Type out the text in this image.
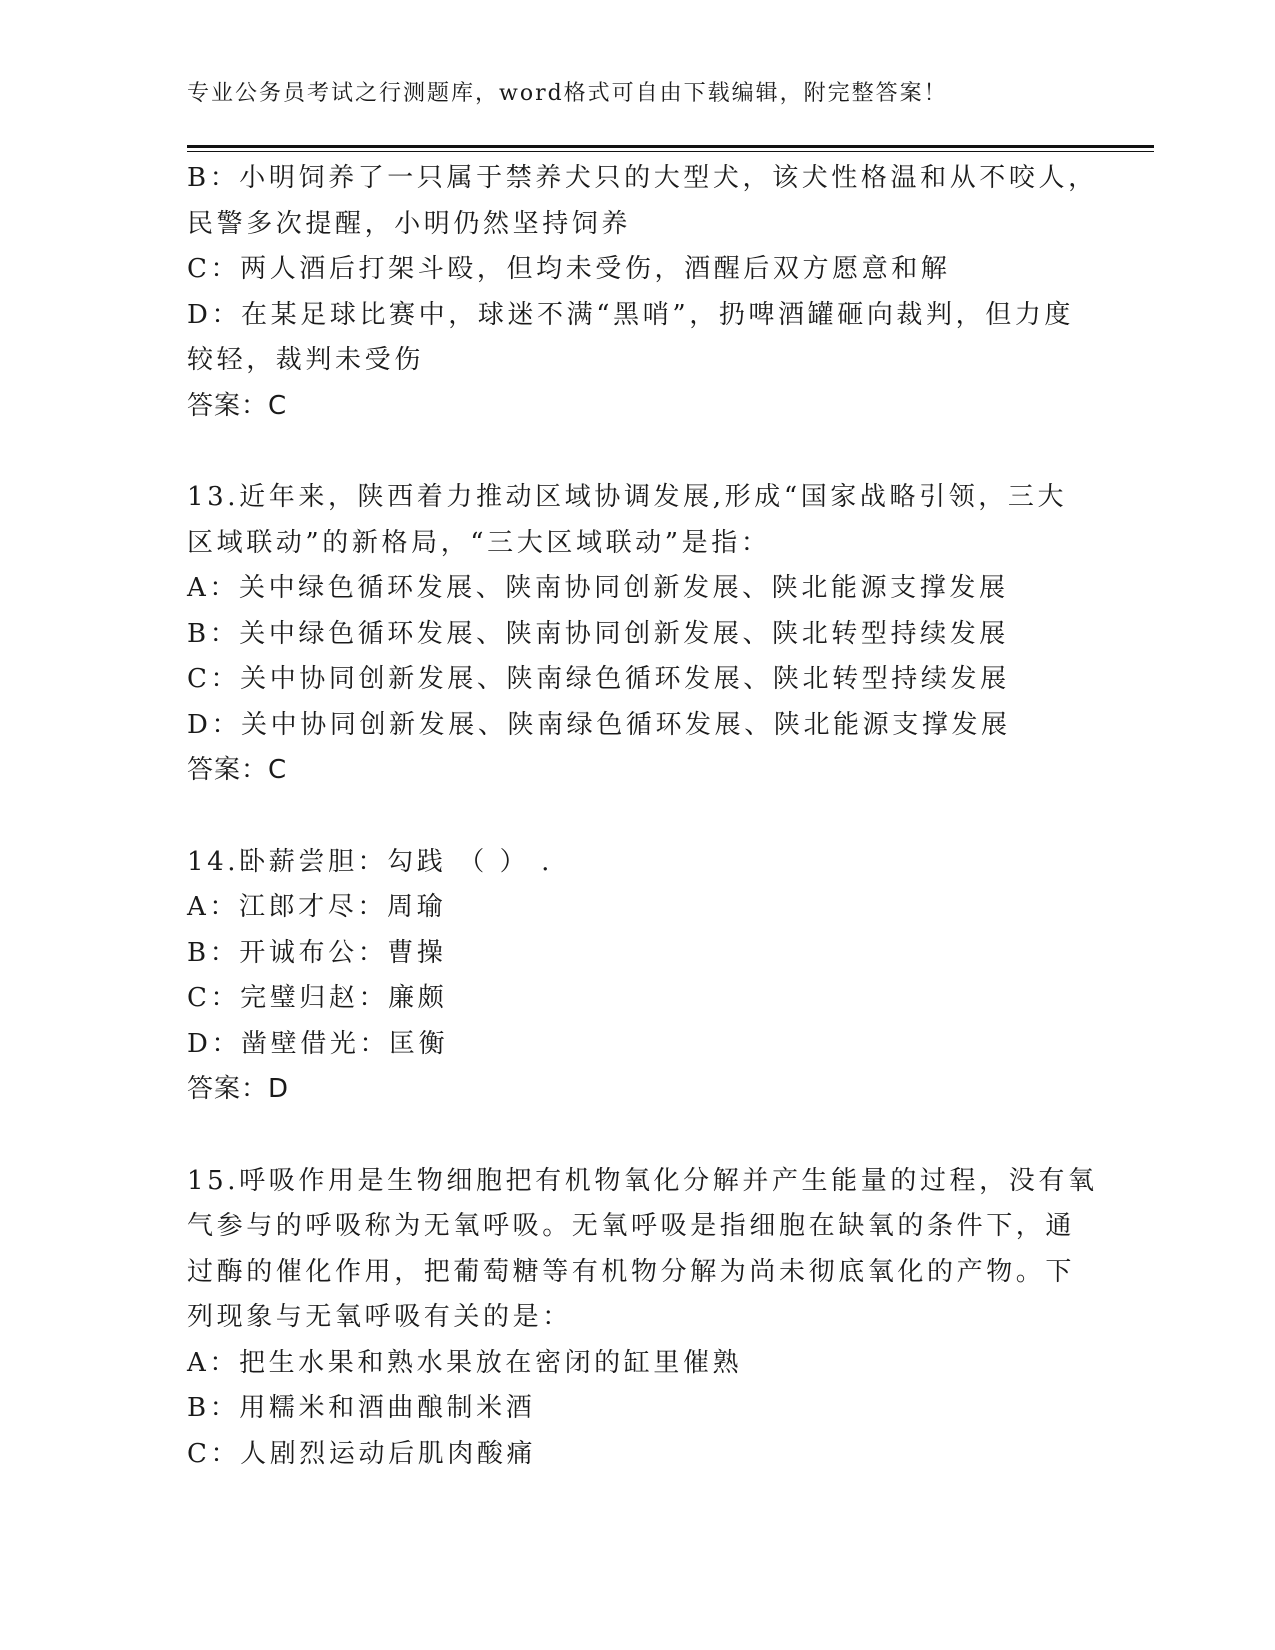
专业公务员考试之行测题库，word格式可自由下载编辑，附完整答案！
B：小明饲养了一只属于禁养犬只的大型犬，该犬性格温和从不咬人，
民警多次提醒，小明仍然坚持饲养
C：两人酒后打架斗殴，但均未受伤，酒醒后双方愿意和解
D：在某足球比赛中，球迷不满“黑哨”，扔啤酒罐砸向裁判，但力度
较轻，裁判未受伤
答案：C
13.近年来，陕西着力推动区域协调发展,形成“国家战略引领，三大
区域联动”的新格局，“三大区域联动”是指：
A：关中绿色循环发展、陕南协同创新发展、陕北能源支撑发展
B：关中绿色循环发展、陕南协同创新发展、陕北转型持续发展
C：关中协同创新发展、陕南绿色循环发展、陕北转型持续发展
D：关中协同创新发展、陕南绿色循环发展、陕北能源支撑发展
答案：C
14.卧薪尝胆：勾践 （ ） .
A：江郎才尽：周瑜
B：开诚布公：曹操
C：完璧归赵：廉颇
D：凿壁借光：匡衡
答案：D
15.呼吸作用是生物细胞把有机物氧化分解并产生能量的过程，没有氧
气参与的呼吸称为无氧呼吸。无氧呼吸是指细胞在缺氧的条件下，通
过酶的催化作用，把葡萄糖等有机物分解为尚未彻底氧化的产物。下
列现象与无氧呼吸有关的是：
A：把生水果和熟水果放在密闭的缸里催熟
B：用糯米和酒曲酿制米酒
C：人剧烈运动后肌肉酸痛
